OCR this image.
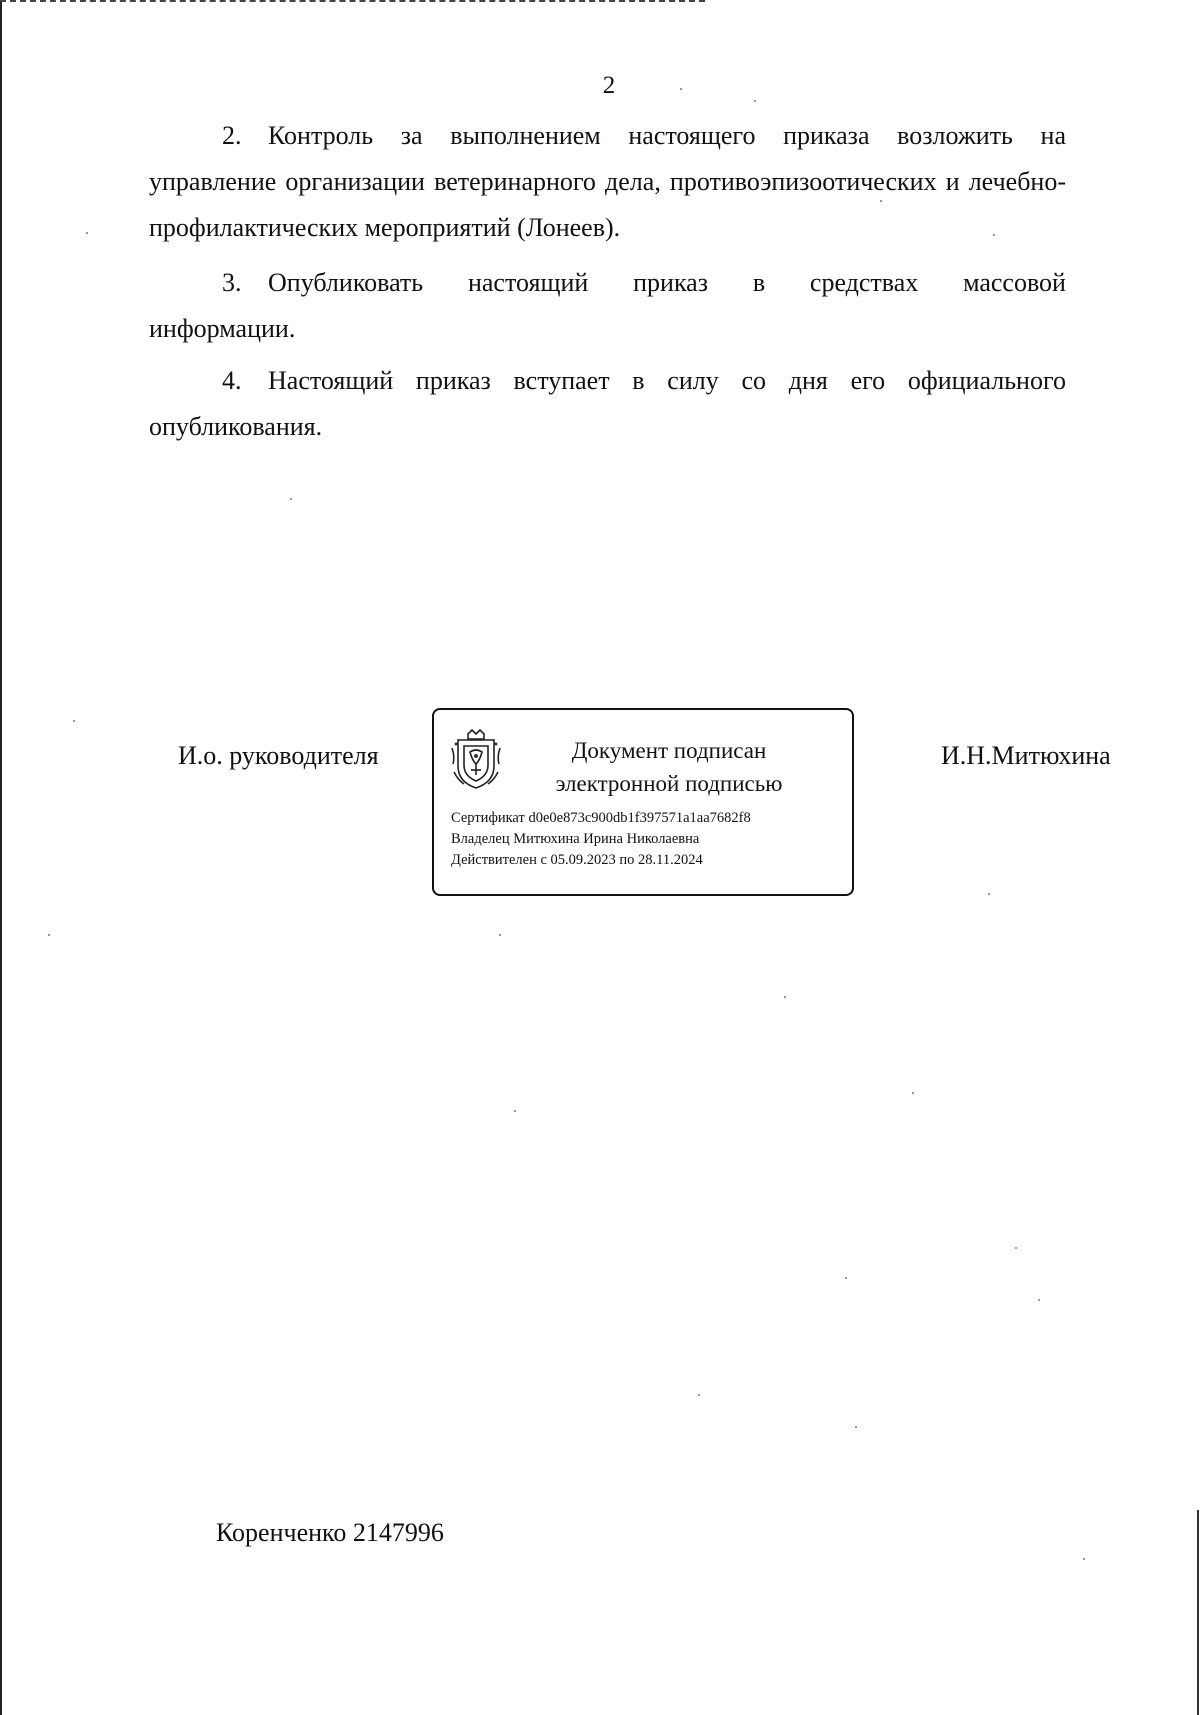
2

2. Контроль за выполнением настоящего приказа возложить на управление организации ветеринарного дела, противоэпизоотических и лечебно-профилактических мероприятий (Лонеев).

3. Опубликовать настоящий приказ в средствах массовой
информации.

4. Настоящий приказ вступает в силу со дня его официального опубликования.

И.о. руководителя	Документ подписан
электронной подписью
Сертификат d0e0e873c900db1f397571a1aa7682f8
Владелец Митюхина Ирина Николаевна
Действителен с 05.09.2023 по 28.11.2024
И.Н.Митюхина
Коренченко 2147996
